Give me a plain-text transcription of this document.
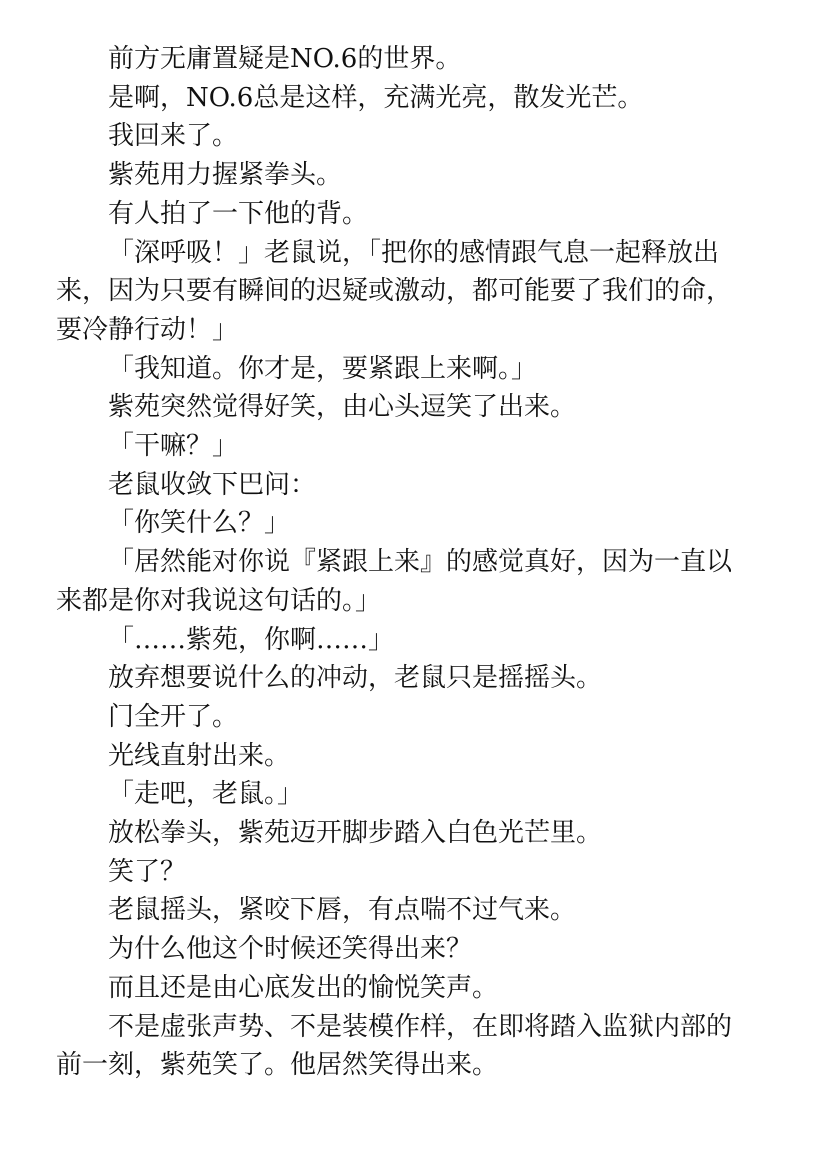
前方无庸置疑是NO.6的世界。

是啊，NO.6总是这样，充满光亮，散发光芒。

我回来了。

紫苑用力握紧拳头。

有人拍了一下他的背。

「深呼吸！」老鼠说，「把你的感情跟气息一起释放出来，因为只要有瞬间的迟疑或激动，都可能要了我们的命，要冷静行动！」

「我知道。你才是，要紧跟上来啊。」

紫苑突然觉得好笑，由心头逗笑了出来。

「干嘛？」

老鼠收敛下巴问：

「你笑什么？」

「居然能对你说『紧跟上来』的感觉真好，因为一直以来都是你对我说这句话的。」

「……紫苑，你啊……」

放弃想要说什么的冲动，老鼠只是摇摇头。

门全开了。

光线直射出来。

「走吧，老鼠。」

放松拳头，紫苑迈开脚步踏入白色光芒里。

笑了？

老鼠摇头，紧咬下唇，有点喘不过气来。

为什么他这个时候还笑得出来？

而且还是由心底发出的愉悦笑声。

不是虚张声势、不是装模作样，在即将踏入监狱内部的前一刻，紫苑笑了。他居然笑得出来。
